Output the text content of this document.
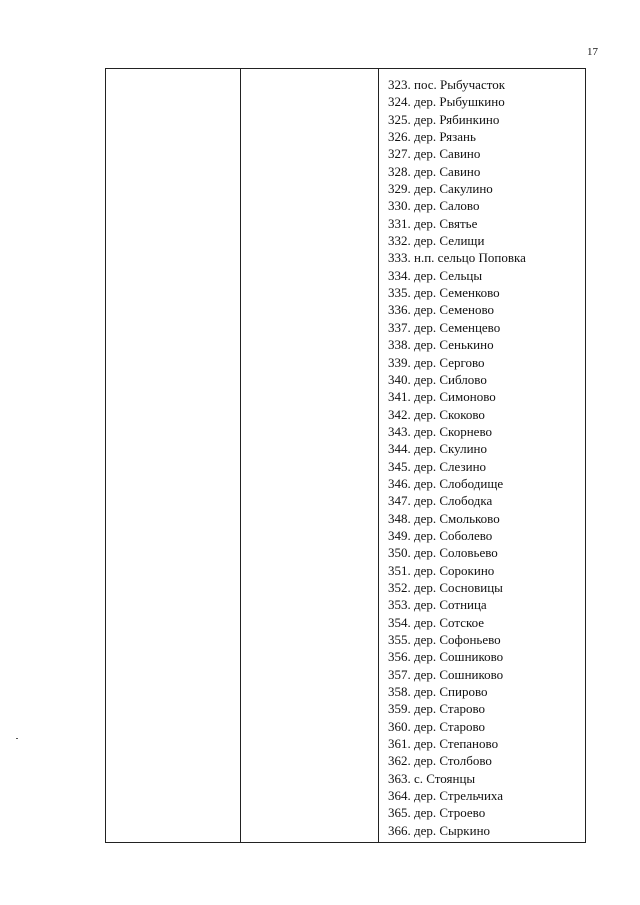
17
323. пос. Рыбучасток
324. дер. Рыбушкино
325. дер. Рябинкино
326. дер. Рязань
327. дер. Савино
328. дер. Савино
329. дер. Сакулино
330. дер. Салово
331. дер. Святье
332. дер. Селищи
333. н.п. сельцо Поповка
334. дер. Сельцы
335. дер. Семенково
336. дер. Семеново
337. дер. Семенцево
338. дер. Сенькино
339. дер. Сергово
340. дер. Сиблово
341. дер. Симоново
342. дер. Скоково
343. дер. Скорнево
344. дер. Скулино
345. дер. Слезино
346. дер. Слободище
347. дер. Слободка
348. дер. Смольково
349. дер. Соболево
350. дер. Соловьево
351. дер. Сорокино
352. дер. Сосновицы
353. дер. Сотница
354. дер. Сотское
355. дер. Софоньево
356. дер. Сошниково
357. дер. Сошниково
358. дер. Спирово
359. дер. Старово
360. дер. Старово
361. дер. Степаново
362. дер. Столбово
363. с. Стоянцы
364. дер. Стрельчиха
365. дер. Строево
366. дер. Сыркино
